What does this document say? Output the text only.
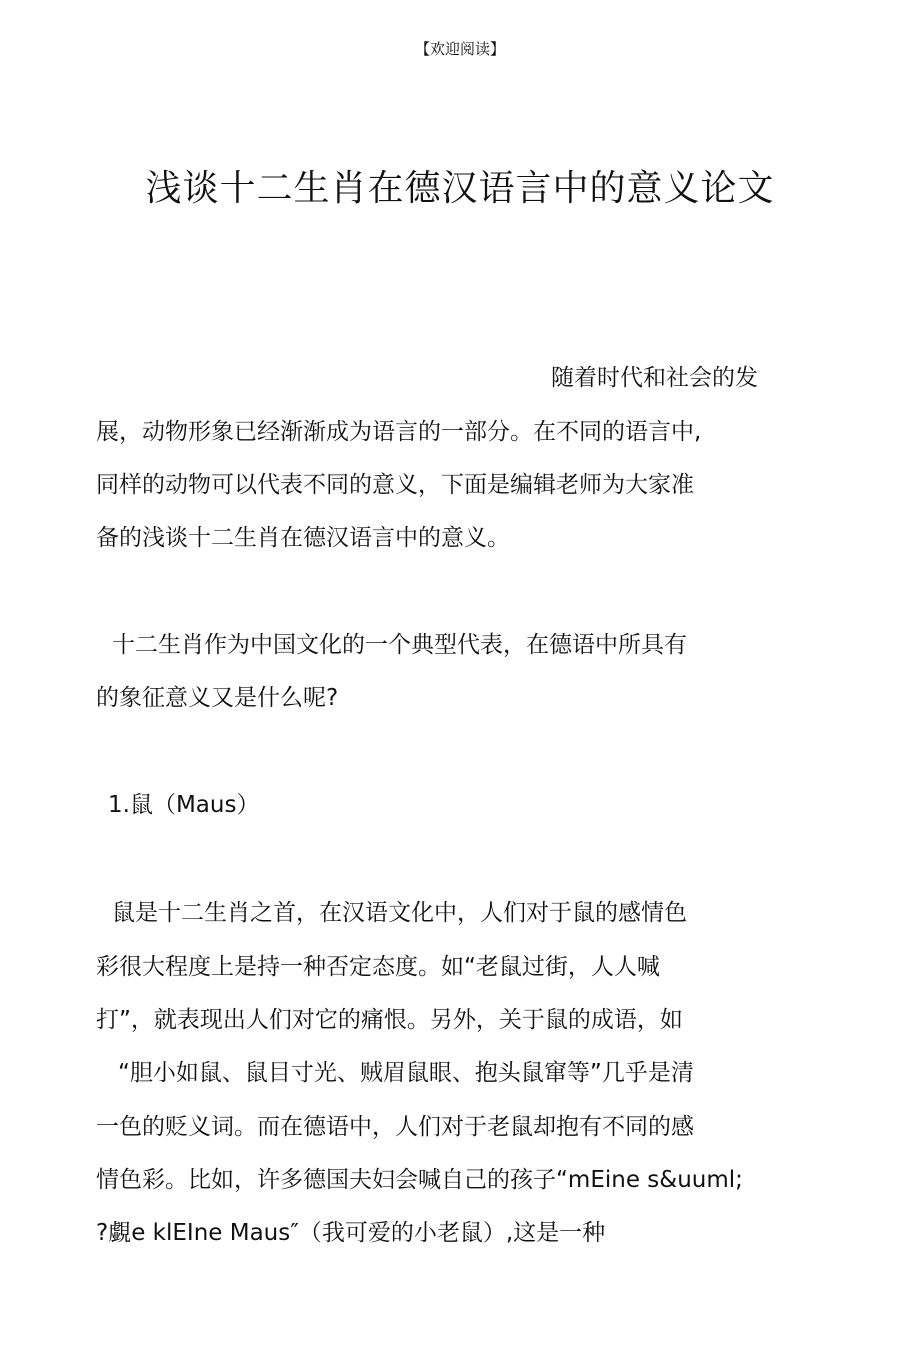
【欢迎阅读】
浅谈十二生肖在德汉语言中的意义论文
随着时代和社会的发
展，动物形象已经渐渐成为语言的一部分。在不同的语言中,
同样的动物可以代表不同的意义，下面是编辑老师为大家准
备的浅谈十二生肖在德汉语言中的意义。
十二生肖作为中国文化的一个典型代表，在德语中所具有
的象征意义又是什么呢?
1.鼠（Maus）
鼠是十二生肖之首，在汉语文化中，人们对于鼠的感情色
彩很大程度上是持一种否定态度。如“老鼠过街，人人喊
打”，就表现出人们对它的痛恨。另外，关于鼠的成语，如
“胆小如鼠、鼠目寸光、贼眉鼠眼、抱头鼠窜等”几乎是清
一色的贬义词。而在德语中，人们对于老鼠却抱有不同的感
情色彩。比如，许多德国夫妇会喊自己的孩子“mEine s&uuml;
?覷e klEIne Maus″（我可爱的小老鼠）,这是一种
